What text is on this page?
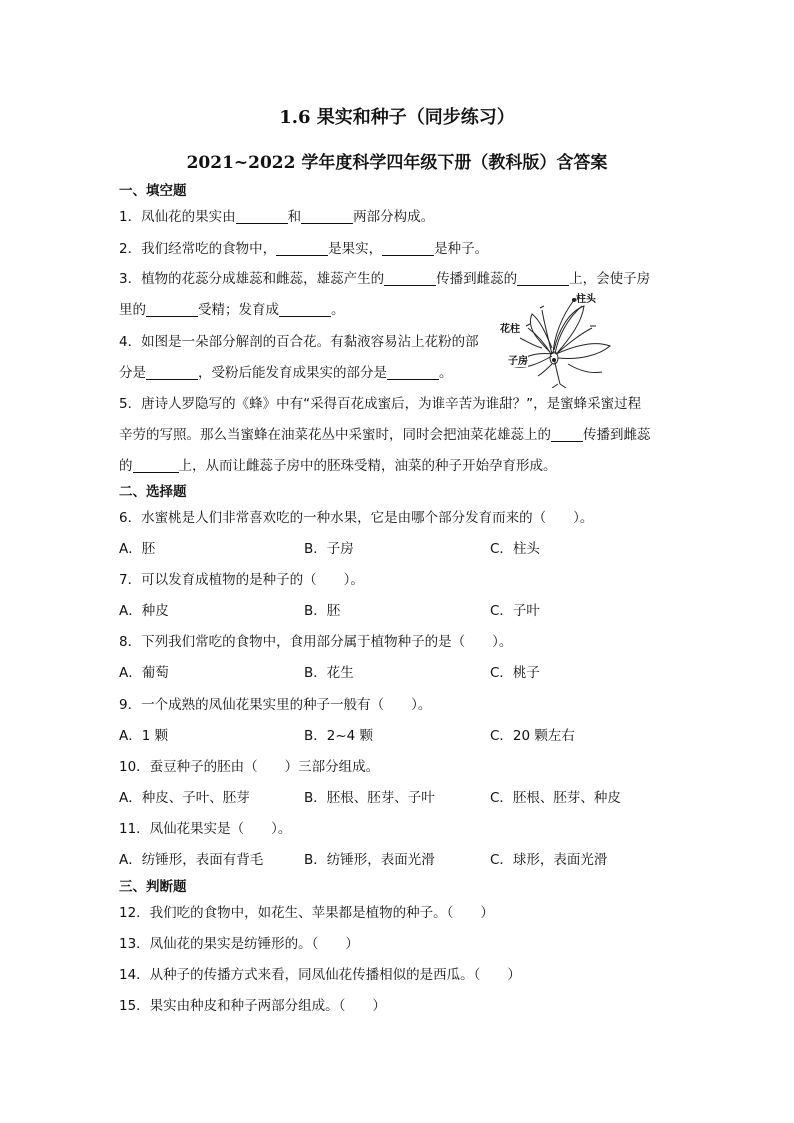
1.6 果实和种子（同步练习）
2021~2022 学年度科学四年级下册（教科版）含答案
一、填空题
1．凤仙花的果实由	和	两部分构成。
2．我们经常吃的食物中，	是果实，	是种子。
3．植物的花蕊分成雄蕊和雌蕊，雄蕊产生的	传播到雌蕊的	上，会使子房
里的	受精；发育成	。
4．如图是一朵部分解剖的百合花。有黏液容易沾上花粉的部
分是	，受粉后能发育成果实的部分是	。
柱头
花柱
子房
5．唐诗人罗隐写的《蜂》中有“采得百花成蜜后，为谁辛苦为谁甜？”，是蜜蜂采蜜过程
辛劳的写照。那么当蜜蜂在油菜花丛中采蜜时，同时会把油菜花雄蕊上的 传播到雌蕊
的	上，从而让雌蕊子房中的胚珠受精，油菜的种子开始孕育形成。
二、选择题
6．水蜜桃是人们非常喜欢吃的一种水果，它是由哪个部分发育而来的（　　）。
A．胚	B．子房	C．柱头
7．可以发育成植物的是种子的（　　）。
A．种皮	B．胚	C．子叶
8．下列我们常吃的食物中，食用部分属于植物种子的是（　　）。
A．葡萄	B．花生	C．桃子
9．一个成熟的凤仙花果实里的种子一般有（　　）。
A．1 颗	B．2~4 颗	C．20 颗左右
10．蚕豆种子的胚由（　　）三部分组成。
A．种皮、子叶、胚芽	B．胚根、胚芽、子叶	C．胚根、胚芽、种皮
11．凤仙花果实是（　　）。
A．纺锤形，表面有背毛	B．纺锤形，表面光滑	C．球形，表面光滑
三、判断题
12．我们吃的食物中，如花生、苹果都是植物的种子。（　　）
13．凤仙花的果实是纺锤形的。（　　）
14．从种子的传播方式来看，同凤仙花传播相似的是西瓜。（　　）
15．果实由种皮和种子两部分组成。（　　）
